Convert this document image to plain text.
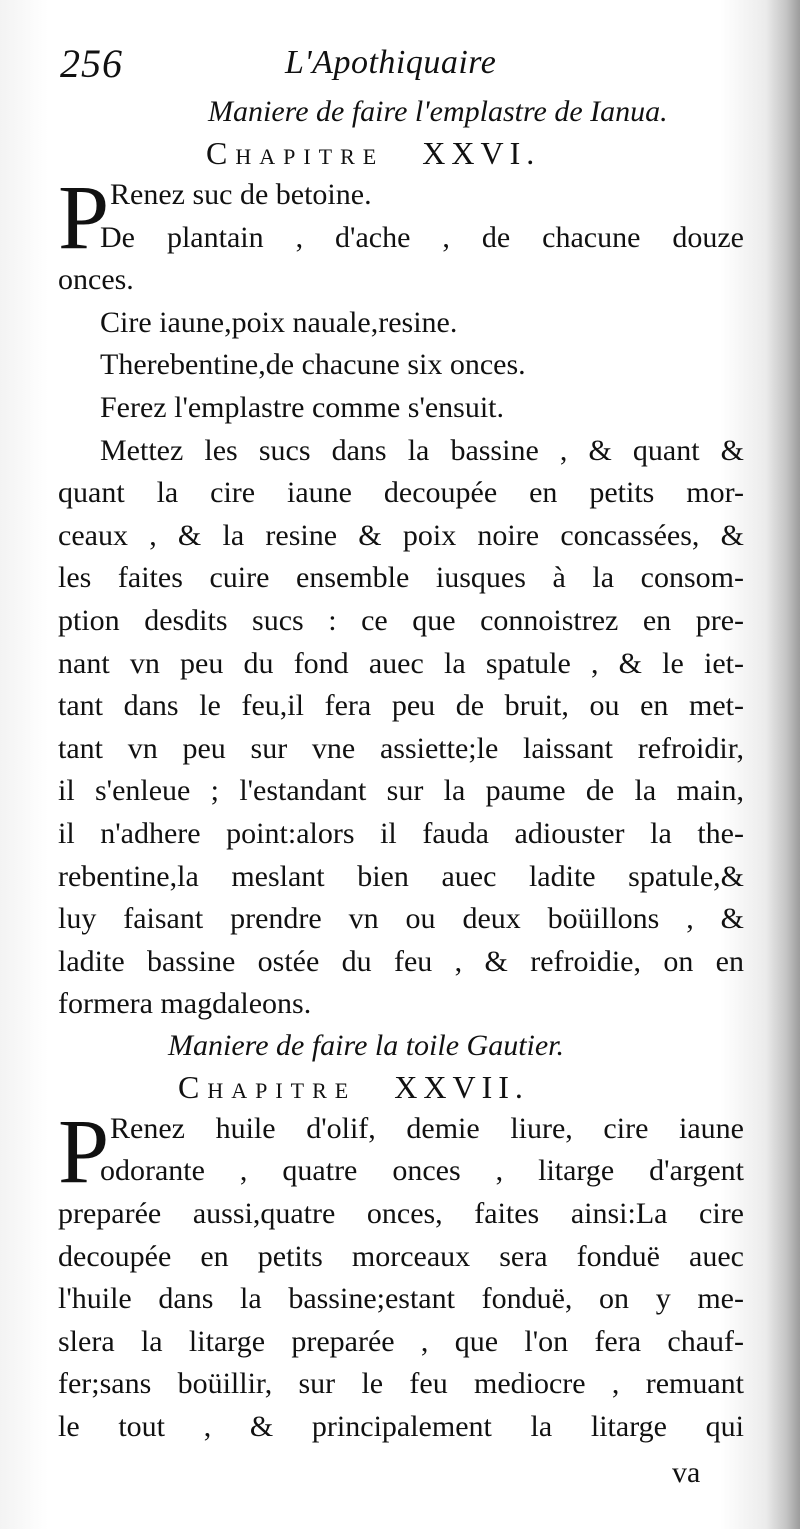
256	L'Apothiquaire
Maniere de faire l'emplastre de Ianua.
Chapitre XXVI.
P Renez suc de betoine.
De plantain , d'ache , de chacune douze
onces.
Cire iaune,poix nauale,resine.
Therebentine,de chacune six onces.
Ferez l'emplastre comme s'ensuit.
Mettez les sucs dans la bassine , & quant &
quant la cire iaune decoupée en petits mor-
ceaux , & la resine & poix noire concassées, &
les faites cuire ensemble iusques à la consom-
ption desdits sucs : ce que connoistrez en pre-
nant vn peu du fond auec la spatule , & le iet-
tant dans le feu,il fera peu de bruit, ou en met-
tant vn peu sur vne assiette;le laissant refroidir,
il s'enleue ; l'estandant sur la paume de la main,
il n'adhere point:alors il fauda adiouster la the-
rebentine,la meslant bien auec ladite spatule,&
luy faisant prendre vn ou deux boüillons , &
ladite bassine ostée du feu , & refroidie, on en
formera magdaleons.
Maniere de faire la toile Gautier.
Chapitre XXVII.
P Renez huile d'olif, demie liure, cire iaune
odorante , quatre onces , litarge d'argent
preparée aussi,quatre onces, faites ainsi:La cire
decoupée en petits morceaux sera fonduë auec
l'huile dans la bassine;estant fonduë, on y me-
slera la litarge preparée , que l'on fera chauf-
fer;sans boüillir, sur le feu mediocre , remuant
le tout , & principalement la litarge qui
va
